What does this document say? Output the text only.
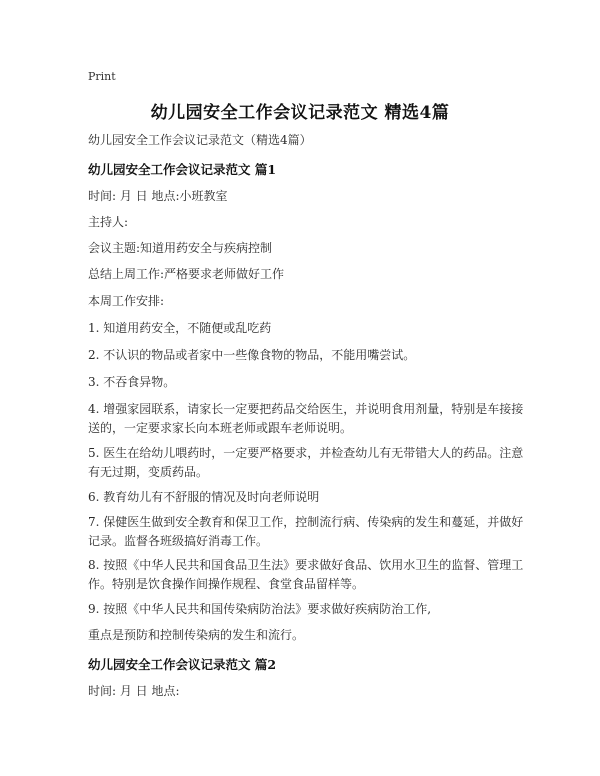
Print
幼儿园安全工作会议记录范文 精选4篇
幼儿园安全工作会议记录范文（精选4篇）
幼儿园安全工作会议记录范文 篇1
时间: 月 日 地点:小班教室
主持人:
会议主题:知道用药安全与疾病控制
总结上周工作:严格要求老师做好工作
本周工作安排:
1. 知道用药安全，不随便或乱吃药
2. 不认识的物品或者家中一些像食物的物品，不能用嘴尝试。
3. 不吞食异物。
4. 增强家园联系，请家长一定要把药品交给医生，并说明食用剂量，特别是车接接送的，一定要求家长向本班老师或跟车老师说明。
5. 医生在给幼儿喂药时，一定要严格要求，并检查幼儿有无带错大人的药品。注意有无过期，变质药品。
6. 教育幼儿有不舒服的情况及时向老师说明
7. 保健医生做到安全教育和保卫工作，控制流行病、传染病的发生和蔓延，并做好记录。监督各班级搞好消毒工作。
8. 按照《中华人民共和国食品卫生法》要求做好食品、饮用水卫生的监督、管理工作。特别是饮食操作间操作规程、食堂食品留样等。
9. 按照《中华人民共和国传染病防治法》要求做好疾病防治工作,
重点是预防和控制传染病的发生和流行。
幼儿园安全工作会议记录范文 篇2
时间: 月 日 地点:
